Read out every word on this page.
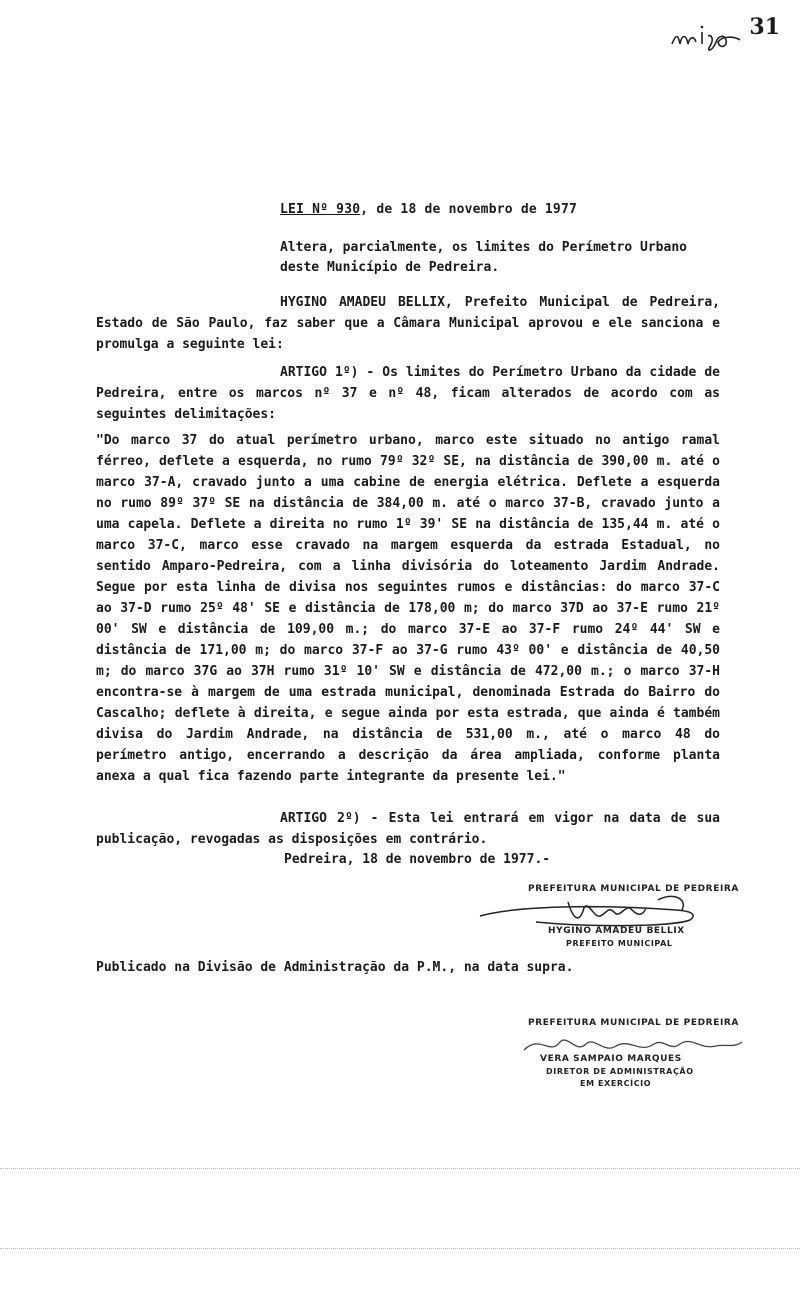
31
LEI Nº 930, de 18 de novembro de 1977
Altera, parcialmente, os limites do Perímetro Urbano deste Município de Pedreira.
HYGINO AMADEU BELLIX, Prefeito Municipal de Pedreira, Estado de São Paulo, faz saber que a Câmara Municipal aprovou e ele sanciona e promulga a seguinte lei:
ARTIGO 1º) - Os limites do Perímetro Urbano da cidade de Pedreira, entre os marcos nº 37 e nº 48, ficam alterados de acordo com as seguintes delimitações:
"Do marco 37 do atual perímetro urbano, marco este situado no antigo ramal férreo, deflete a esquerda, no rumo 79º 32º SE, na distância de 390,00 m. até o marco 37-A, cravado junto a uma cabine de energia elétrica. Deflete a esquerda no rumo 89º 37º SE na distância de 384,00 m. até o marco 37-B, cravado junto a uma capela. Deflete a direita no rumo 1º 39' SE na distância de 135,44 m. até o marco 37-C, marco esse cravado na margem esquerda da estrada Estadual, no sentido Amparo-Pedreira, com a linha divisória do loteamento Jardim Andrade. Segue por esta linha de divisa nos seguintes rumos e distâncias: do marco 37-C ao 37-D rumo 25º 48' SE e distância de 178,00 m; do marco 37D ao 37-E rumo 21º 00' SW e distância de 109,00 m.; do marco 37-E ao 37-F rumo 24º 44' SW e distância de 171,00 m; do marco 37-F ao 37-G rumo 43º 00' e distância de 40,50 m; do marco 37G ao 37H rumo 31º 10' SW e distância de 472,00 m.; o marco 37-H encontra-se à margem de uma estrada municipal, denominada Estrada do Bairro do Cascalho; deflete à direita, e segue ainda por esta estrada, que ainda é também divisa do Jardim Andrade, na distância de 531,00 m., até o marco 48 do perímetro antigo, encerrando a descrição da área ampliada, conforme planta anexa a qual fica fazendo parte integrante da presente lei."
ARTIGO 2º) - Esta lei entrará em vigor na data de sua publicação, revogadas as disposições em contrário.
Pedreira, 18 de novembro de 1977.-
PREFEITURA MUNICIPAL DE PEDREIRA
HYGINO AMADEU BELLIX
PREFEITO MUNICIPAL
Publicado na Divisão de Administração da P.M., na data supra.
PREFEITURA MUNICIPAL DE PEDREIRA
VERA SAMPAIO MARQUES
DIRETOR DE ADMINISTRAÇÃO
EM EXERCÍCIO
